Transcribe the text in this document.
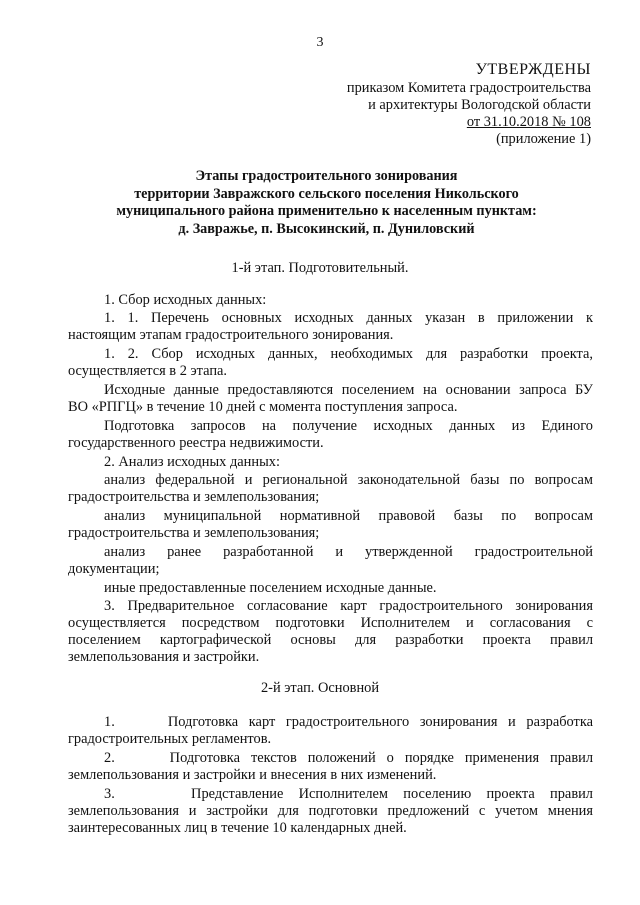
3
УТВЕРЖДЕНЫ
приказом Комитета градостроительства
и архитектуры Вологодской области
от 31.10.2018 № 108
(приложение 1)
Этапы градостроительного зонирования
территории Завражского сельского поселения Никольского
муниципального района применительно к населенным пунктам:
д. Завражье, п. Высокинский, п. Дуниловский
1-й этап. Подготовительный.
1. Сбор исходных данных:
1. 1. Перечень основных исходных данных указан в приложении к
настоящим этапам градостроительного зонирования.
1. 2. Сбор исходных данных, необходимых для разработки проекта,
осуществляется в 2 этапа.
Исходные данные предоставляются поселением на основании запроса БУ
ВО «РПГЦ» в течение 10 дней с момента поступления запроса.
Подготовка запросов на получение исходных данных из Единого
государственного реестра недвижимости.
2. Анализ исходных данных:
анализ федеральной и региональной законодательной базы по вопросам
градостроительства и землепользования;
анализ муниципальной нормативной правовой базы по вопросам
градостроительства и землепользования;
анализ ранее разработанной и утвержденной градостроительной
документации;
иные предоставленные поселением исходные данные.
3. Предварительное согласование карт градостроительного зонирования
осуществляется посредством подготовки Исполнителем и согласования с
поселением картографической основы для разработки проекта правил
землепользования и застройки.
2-й этап. Основной
1.     Подготовка карт градостроительного зонирования и разработка
градостроительных регламентов.
2.     Подготовка текстов положений о порядке применения правил
землепользования и застройки и внесения в них изменений.
3.     Представление Исполнителем поселению проекта правил
землепользования и застройки для подготовки предложений с учетом мнения
заинтересованных лиц в течение 10 календарных дней.
